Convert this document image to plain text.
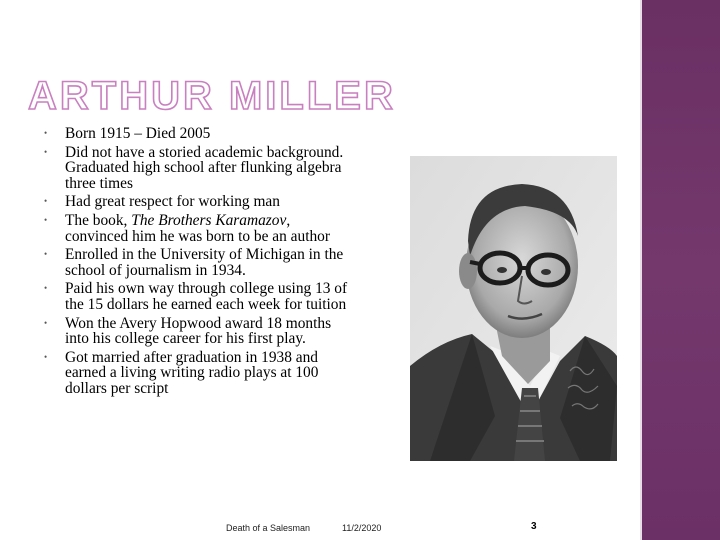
ARTHUR MILLER
• Born 1915 – Died 2005
• Did not have a storied academic background. Graduated high school after flunking algebra three times
• Had great respect for working man
• The book, The Brothers Karamazov, convinced him he was born to be an author
• Enrolled in the University of Michigan in the school of journalism in 1934.
• Paid his own way through college using 13 of the 15 dollars he earned each week for tuition
• Won the Avery Hopwood award 18 months into his college career for his first play.
• Got married after graduation in 1938 and earned a living writing radio plays at 100 dollars per script
Death of a Salesman	11/2/2020	3
